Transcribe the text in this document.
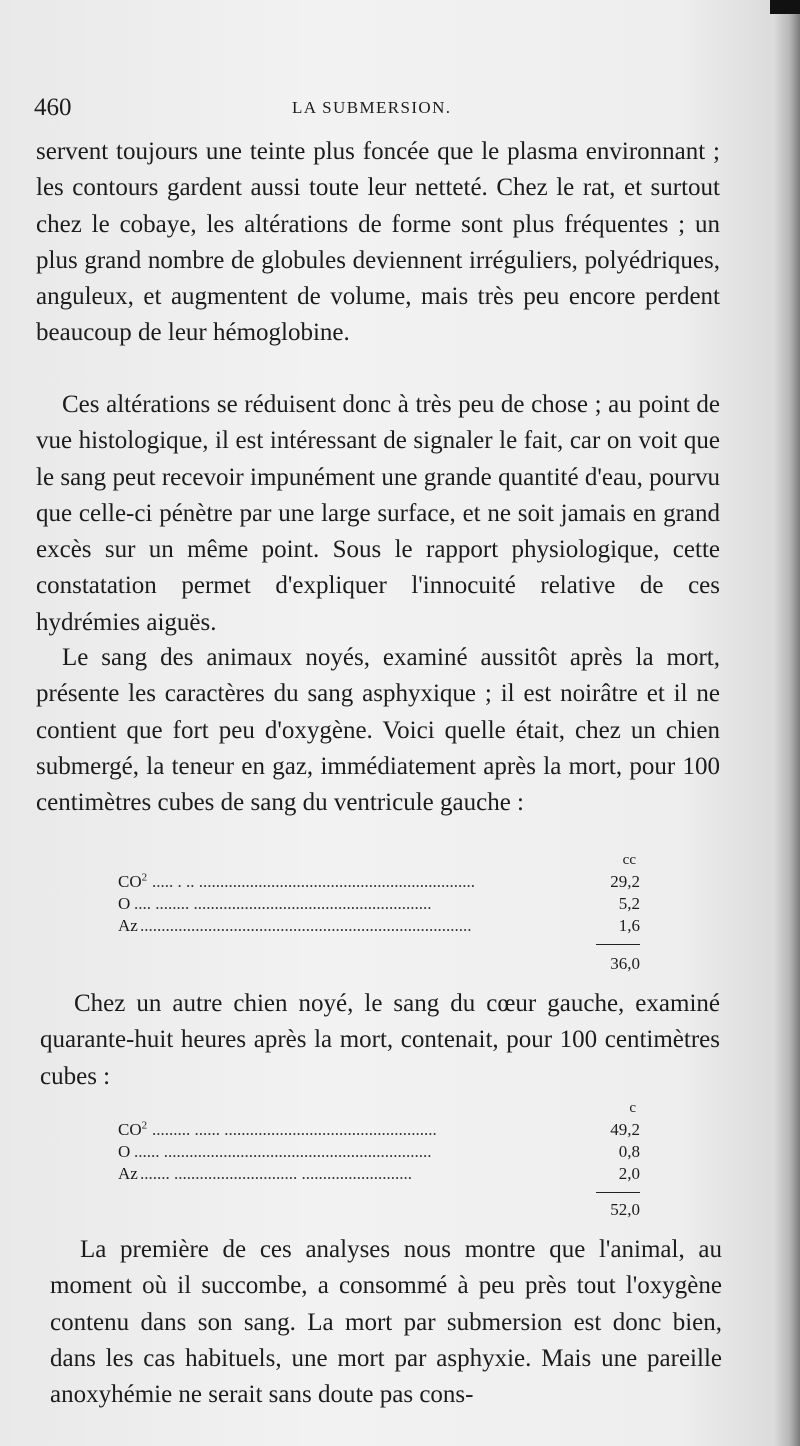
460	LA SUBMERSION.

servent toujours une teinte plus foncée que le plasma environnant ; les contours gardent aussi toute leur netteté. Chez le rat, et surtout chez le cobaye, les altérations de forme sont plus fréquentes ; un plus grand nombre de globules deviennent irréguliers, polyédriques, anguleux, et augmentent de volume, mais très peu encore perdent beaucoup de leur hémoglobine.

Ces altérations se réduisent donc à très peu de chose ; au point de vue histologique, il est intéressant de signaler le fait, car on voit que le sang peut recevoir impunément une grande quantité d'eau, pourvu que celle-ci pénètre par une large surface, et ne soit jamais en grand excès sur un même point. Sous le rapport physiologique, cette constatation permet d'expliquer l'innocuité relative de ces hydrémies aiguës.

Le sang des animaux noyés, examiné aussitôt après la mort, présente les caractères du sang asphyxique ; il est noirâtre et il ne contient que fort peu d'oxygène. Voici quelle était, chez un chien submergé, la teneur en gaz, immédiatement après la mort, pour 100 centimètres cubes de sang du ventricule gauche :

cc
$CO^2$ ..... . .. .................................................................	29,2
O .... ........ ........................................................	5,2
Az ..............................................................................	1,6
36,0

Chez un autre chien noyé, le sang du cœur gauche, examiné quarante-huit heures après la mort, contenait, pour 100 centimètres cubes :

c
$CO^2$ ......... ...... ..................................................	49,2
O ...... ...............................................................	0,8
Az ....... ............................. ..........................	2,0
52,0

La première de ces analyses nous montre que l'animal, au moment où il succombe, a consommé à peu près tout l'oxygène contenu dans son sang. La mort par submersion est donc bien, dans les cas habituels, une mort par asphyxie. Mais une pareille anoxyhémie ne serait sans doute pas cons-
